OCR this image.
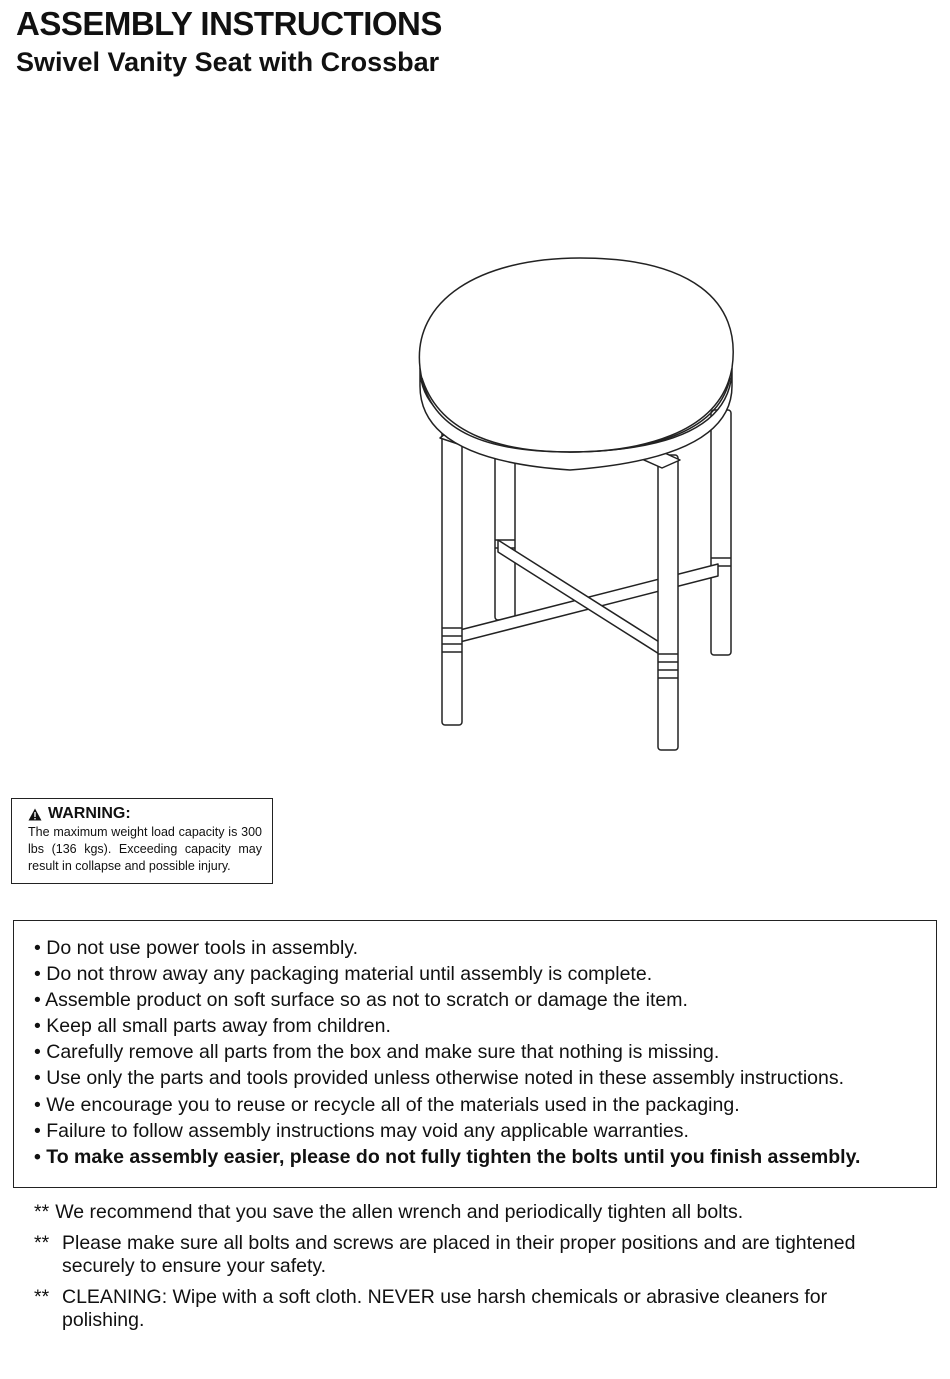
ASSEMBLY INSTRUCTIONS
Swivel Vanity Seat with Crossbar
WARNING:
The maximum weight load capacity is 300 lbs (136 kgs). Exceeding capacity may result in collapse and possible injury.
• Do not use power tools in assembly.
• Do not throw away any packaging material until assembly is complete.
• Assemble product on soft surface so as not to scratch or damage the item.
• Keep all small parts away from children.
• Carefully remove all parts from the box and make sure that nothing is missing.
• Use only the parts and tools provided unless otherwise noted in these assembly instructions.
• We encourage you to reuse or recycle all of the materials used in the packaging.
• Failure to follow assembly instructions may void any applicable warranties.
• To make assembly easier, please do not fully tighten the bolts until you finish assembly.
** We recommend that you save the allen wrench and periodically tighten all bolts.
** Please make sure all bolts and screws are placed in their proper positions and are tightened securely to ensure your safety.
** CLEANING: Wipe with a soft cloth. NEVER use harsh chemicals or abrasive cleaners for polishing.
